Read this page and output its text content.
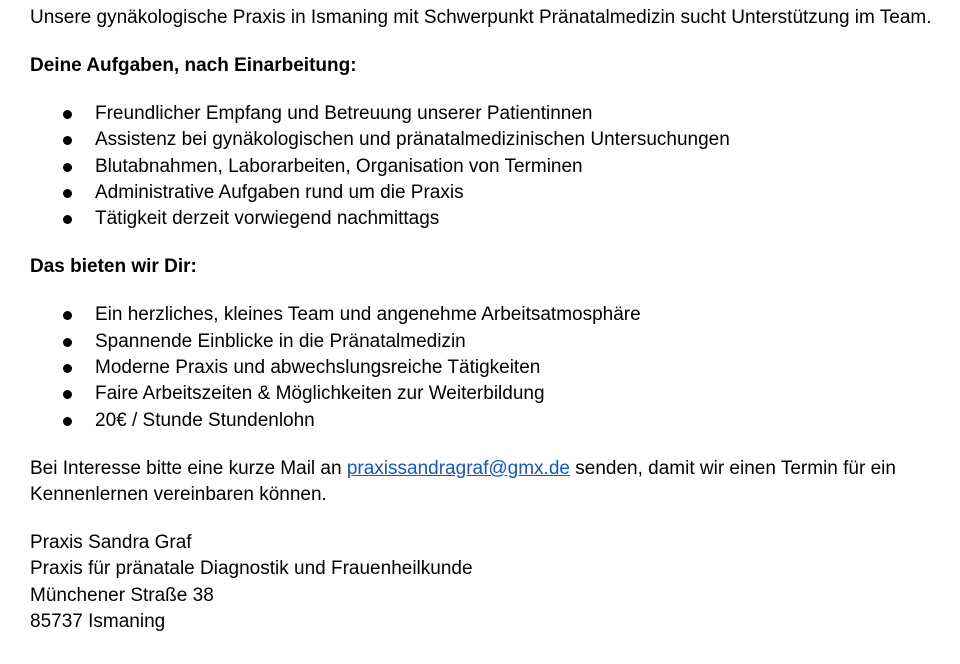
Unsere gynäkologische Praxis in Ismaning mit Schwerpunkt Pränatalmedizin sucht Unterstützung im Team.

Deine Aufgaben, nach Einarbeitung:

Freundlicher Empfang und Betreuung unserer Patientinnen
Assistenz bei gynäkologischen und pränatalmedizinischen Untersuchungen
Blutabnahmen, Laborarbeiten, Organisation von Terminen
Administrative Aufgaben rund um die Praxis
Tätigkeit derzeit vorwiegend nachmittags

Das bieten wir Dir:

Ein herzliches, kleines Team und angenehme Arbeitsatmosphäre
Spannende Einblicke in die Pränatalmedizin
Moderne Praxis und abwechslungsreiche Tätigkeiten
Faire Arbeitszeiten & Möglichkeiten zur Weiterbildung
20€ / Stunde Stundenlohn

Bei Interesse bitte eine kurze Mail an praxissandragraf@gmx.de senden, damit wir einen Termin für ein Kennenlernen vereinbaren können.

Praxis Sandra Graf
Praxis für pränatale Diagnostik und Frauenheilkunde
Münchener Straße 38
85737 Ismaning
